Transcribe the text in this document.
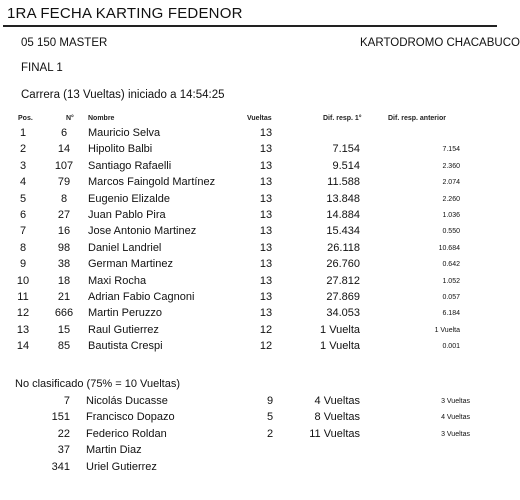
1RA FECHA KARTING FEDENOR
05 150 MASTER	KARTODROMO CHACABUCO
FINAL 1
Carrera (13 Vueltas) iniciado a 14:54:25
Pos.	N° Nombre	Vueltas	Dif. resp. 1°	Dif. resp. anterior
1	6	Mauricio Selva	13
2	14	Hipolito Balbi	13	7.154	7.154
3	107	Santiago Rafaelli	13	9.514	2.360
4	79	Marcos Faingold Martínez	13	11.588	2.074
5	8	Eugenio Elizalde	13	13.848	2.260
6	27	Juan Pablo Pira	13	14.884	1.036
7	16	Jose Antonio Martinez	13	15.434	0.550
8	98	Daniel Landriel	13	26.118	10.684
9	38	German Martinez	13	26.760	0.642
10	18	Maxi Rocha	13	27.812	1.052
11	21	Adrian Fabio Cagnoni	13	27.869	0.057
12	666	Martin Peruzzo	13	34.053	6.184
13	15	Raul Gutierrez	12	1 Vuelta	1 Vuelta
14	85	Bautista Crespi	12	1 Vuelta	0.001
No clasificado (75% = 10 Vueltas)
7 Nicolás Ducasse	9	4 Vueltas	3 Vueltas
151 Francisco Dopazo	5	8 Vueltas	4 Vueltas
22 Federico Roldan	2	11 Vueltas	3 Vueltas
37 Martin Diaz
341 Uriel Gutierrez
